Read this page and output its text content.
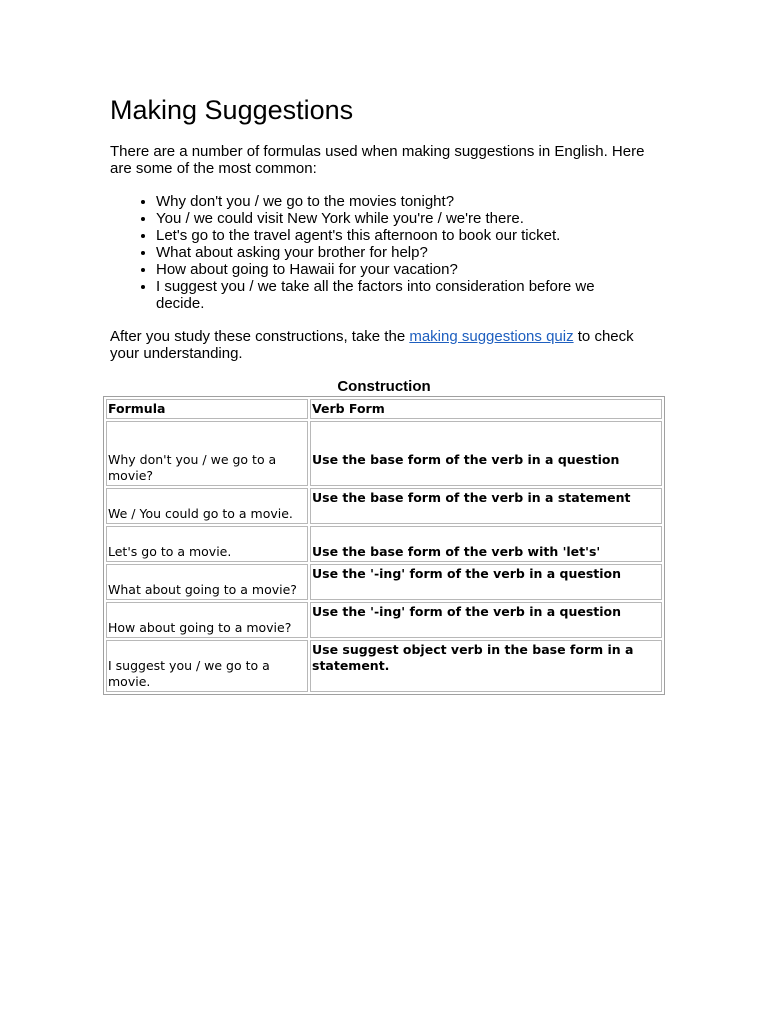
Making Suggestions

There are a number of formulas used when making suggestions in English. Here are some of the most common:

• Why don't you / we go to the movies tonight?
• You / we could visit New York while you're / we're there.
• Let's go to the travel agent's this afternoon to book our ticket.
• What about asking your brother for help?
• How about going to Hawaii for your vacation?
• I suggest you / we take all the factors into consideration before we decide.

After you study these constructions, take the making suggestions quiz to check your understanding.

Construction
Formula	Verb Form
Why don't you / we go to a movie?	Use the base form of the verb in a question
We / You could go to a movie.	Use the base form of the verb in a statement
Let's go to a movie.	Use the base form of the verb with 'let's'
What about going to a movie?	Use the '-ing' form of the verb in a question
How about going to a movie?	Use the '-ing' form of the verb in a question
I suggest you / we go to a movie.	Use suggest object verb in the base form in a statement.
